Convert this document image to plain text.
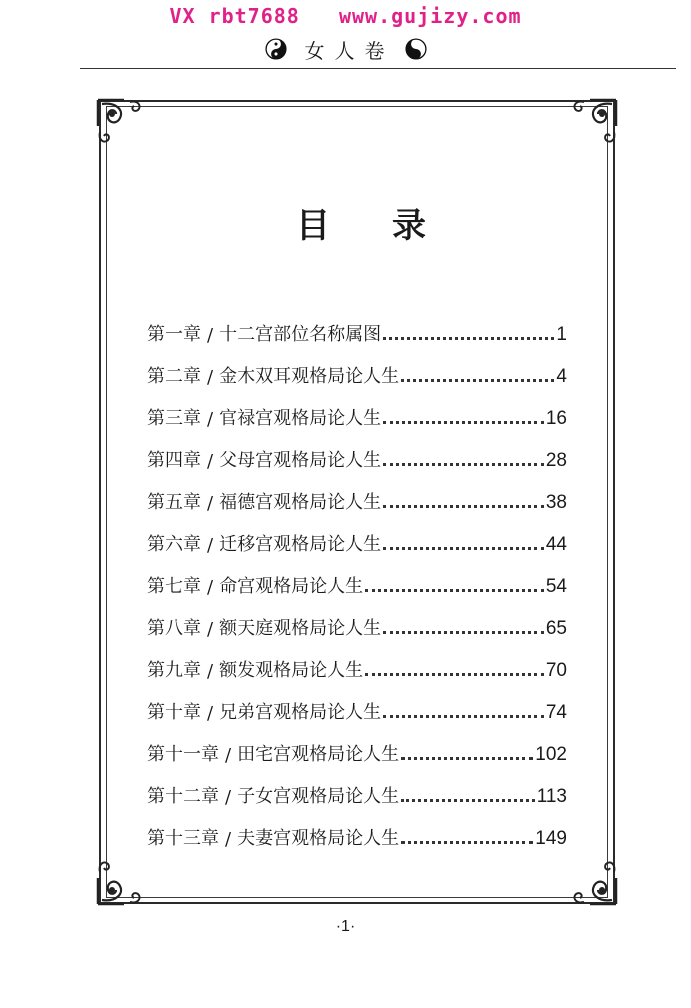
VX rbt7688   www.gujizy.com
女人卷
目 录
第一章 / 十二宫部位名称属图	1
第二章 / 金木双耳观格局论人生	4
第三章 / 官禄宫观格局论人生	16
第四章 / 父母宫观格局论人生	28
第五章 / 福德宫观格局论人生	38
第六章 / 迁移宫观格局论人生	44
第七章 / 命宫观格局论人生	54
第八章 / 额天庭观格局论人生	65
第九章 / 额发观格局论人生	70
第十章 / 兄弟宫观格局论人生	74
第十一章 / 田宅宫观格局论人生	102
第十二章 / 子女宫观格局论人生	113
第十三章 / 夫妻宫观格局论人生	149
·1·
